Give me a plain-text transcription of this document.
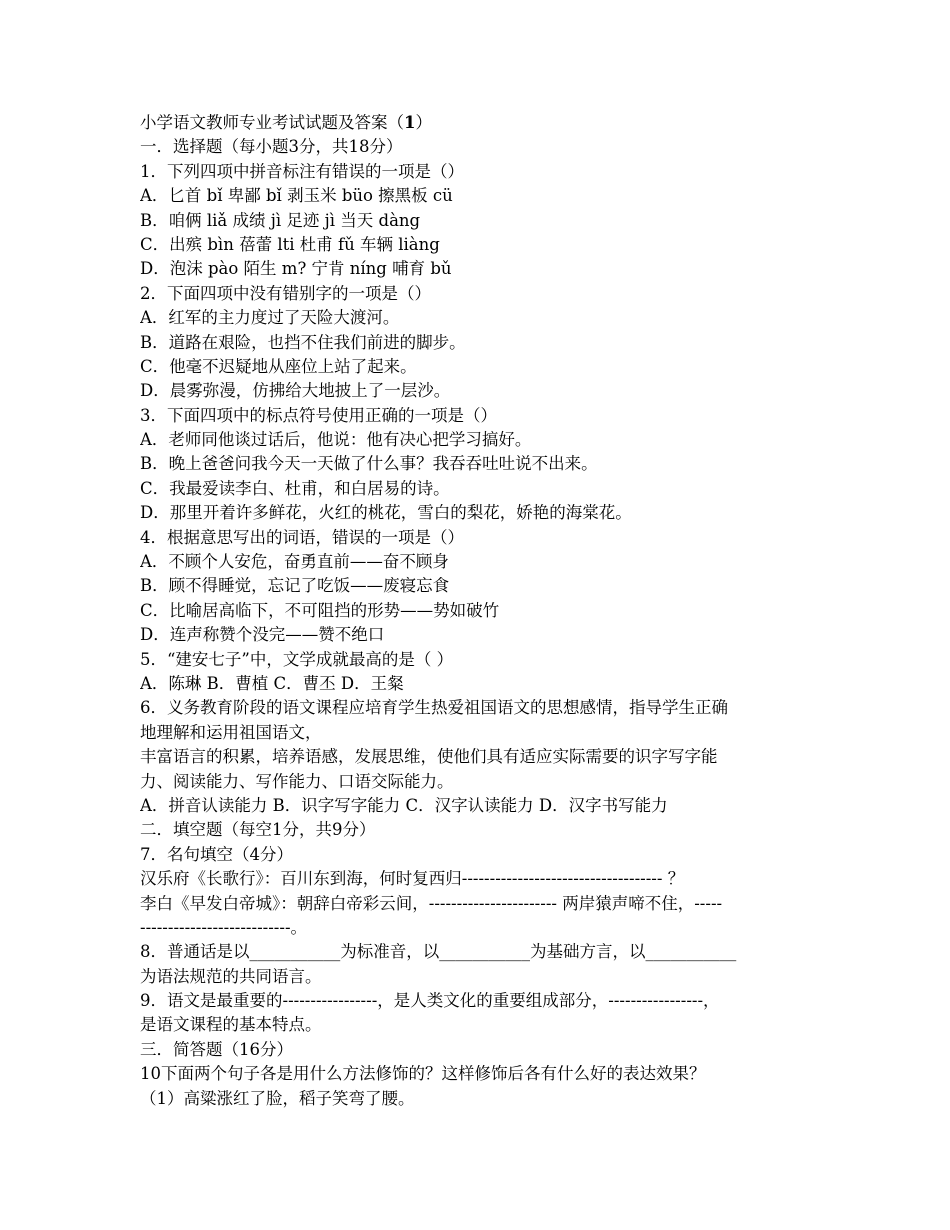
小学语文教师专业考试试题及答案（1）
一．选择题（每小题3分，共18分）
1．下列四项中拼音标注有错误的一项是（）
A．匕首 bǐ 卑鄙 bǐ 剥玉米 büo 擦黑板 cü
B．咱俩 liǎ 成绩 jì 足迹 jì 当天 dàng
C．出殡 bìn 蓓蕾 lti 杜甫 fǔ 车辆 liàng
D．泡沫 pào 陌生 m? 宁肯 níng 哺育 bǔ
2．下面四项中没有错别字的一项是（）
A．红军的主力度过了天险大渡河。
B．道路在艰险，也挡不住我们前进的脚步。
C．他毫不迟疑地从座位上站了起来。
D．晨雾弥漫，仿拂给大地披上了一层沙。
3．下面四项中的标点符号使用正确的一项是（）
A．老师同他谈过话后，他说：他有决心把学习搞好。
B．晚上爸爸问我今天一天做了什么事？我吞吞吐吐说不出来。
C．我最爱读李白、杜甫，和白居易的诗。
D．那里开着许多鲜花，火红的桃花，雪白的梨花，娇艳的海棠花。
4．根据意思写出的词语，错误的一项是（）
A．不顾个人安危，奋勇直前——奋不顾身
B．顾不得睡觉，忘记了吃饭——废寝忘食
C．比喻居高临下，不可阻挡的形势——势如破竹
D．连声称赞个没完——赞不绝口
5．“建安七子”中，文学成就最高的是（ ）
A．陈琳 B．曹植 C．曹丕 D．王粲
6．义务教育阶段的语文课程应培育学生热爱祖国语文的思想感情，指导学生正确
地理解和运用祖国语文，
丰富语言的积累，培养语感，发展思维，使他们具有适应实际需要的识字写字能
力、阅读能力、写作能力、口语交际能力。
A．拼音认读能力 B．识字写字能力 C．汉字认读能力 D．汉字书写能力
二．填空题（每空1分，共9分）
7．名句填空（4分）
汉乐府《长歌行》：百川东到海，何时复西归------------------------------------ ？
李白《早发白帝城》：朝辞白帝彩云间，----------------------- 两岸猿声啼不住，-----
---------------------------。
8．普通话是以___________为标准音，以___________为基础方言，以___________
为语法规范的共同语言。
9．语文是最重要的-----------------，是人类文化的重要组成部分，-----------------，
是语文课程的基本特点。
三．简答题（16分）
10下面两个句子各是用什么方法修饰的？这样修饰后各有什么好的表达效果？
（1）高粱涨红了脸，稻子笑弯了腰。
